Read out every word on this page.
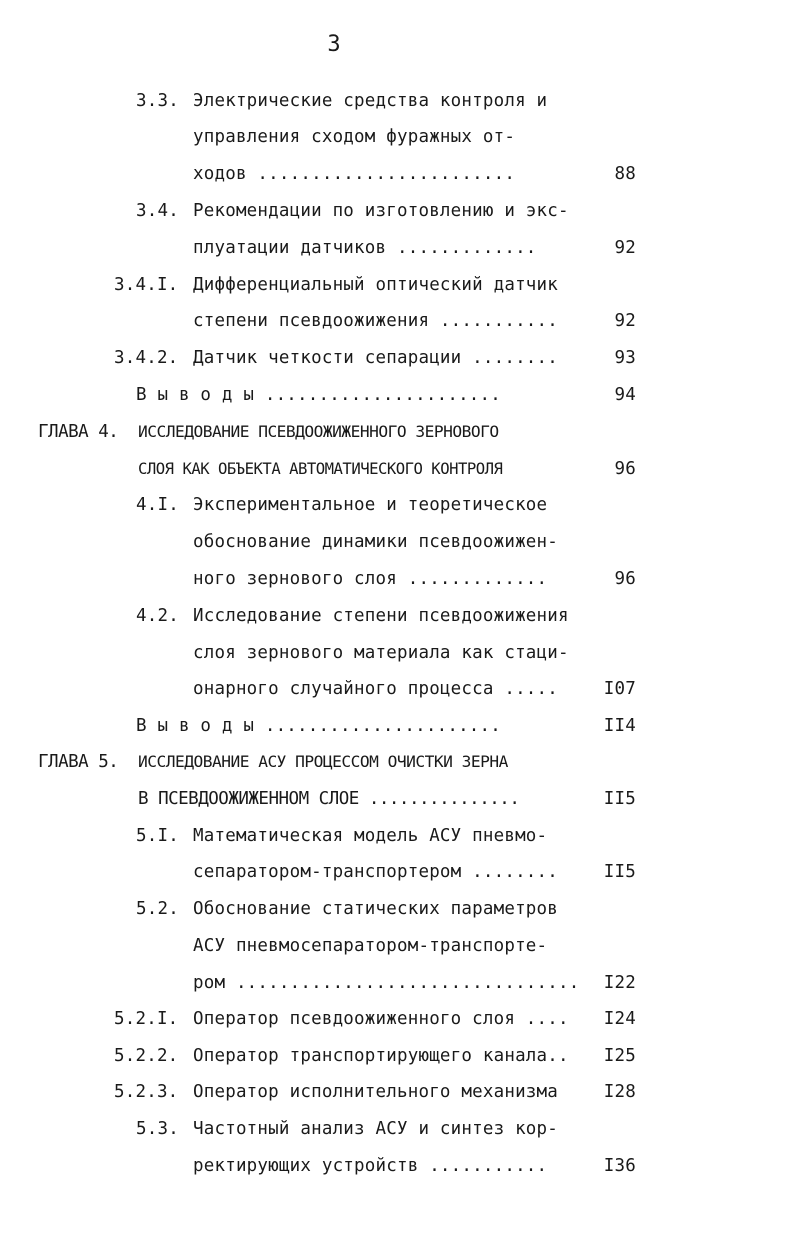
3
3.3. Электрические средства контроля и
управления сходом фуражных от-
ходов ........................	88
3.4. Рекомендации по изготовлению и экс-
плуатации датчиков .............	92
3.4.I. Дифференциальный оптический датчик
степени псевдоожижения ...........	92
3.4.2. Датчик четкости сепарации ........	93
В ы в о д ы ......................	94
ГЛАВА 4. ИССЛЕДОВАНИЕ ПСЕВДООЖИЖЕННОГО ЗЕРНОВОГО
СЛОЯ КАК ОБЪЕКТА АВТОМАТИЧЕСКОГО КОНТРОЛЯ	96
4.I. Экспериментальное и теоретическое
обоснование динамики псевдоожижен-
ного зернового слоя .............	96
4.2. Исследование степени псевдоожижения
слоя зернового материала как стаци-
онарного случайного процесса .....	I07
В ы в о д ы ......................	II4
ГЛАВА 5. ИССЛЕДОВАНИЕ АСУ ПРОЦЕССОМ ОЧИСТКИ ЗЕРНА
В ПСЕВДООЖИЖЕННОМ СЛОЕ ...............	II5
5.I. Математическая модель АСУ пневмо-
сепаратором-транспортером ........	II5
5.2. Обоснование статических параметров
АСУ пневмосепаратором-транспорте-
ром ................................	I22
5.2.I. Оператор псевдоожиженного слоя ....	I24
5.2.2. Оператор транспортирующего канала..	I25
5.2.3. Оператор исполнительного механизма	I28
5.3. Частотный анализ АСУ и синтез кор-
ректирующих устройств ...........	I36
